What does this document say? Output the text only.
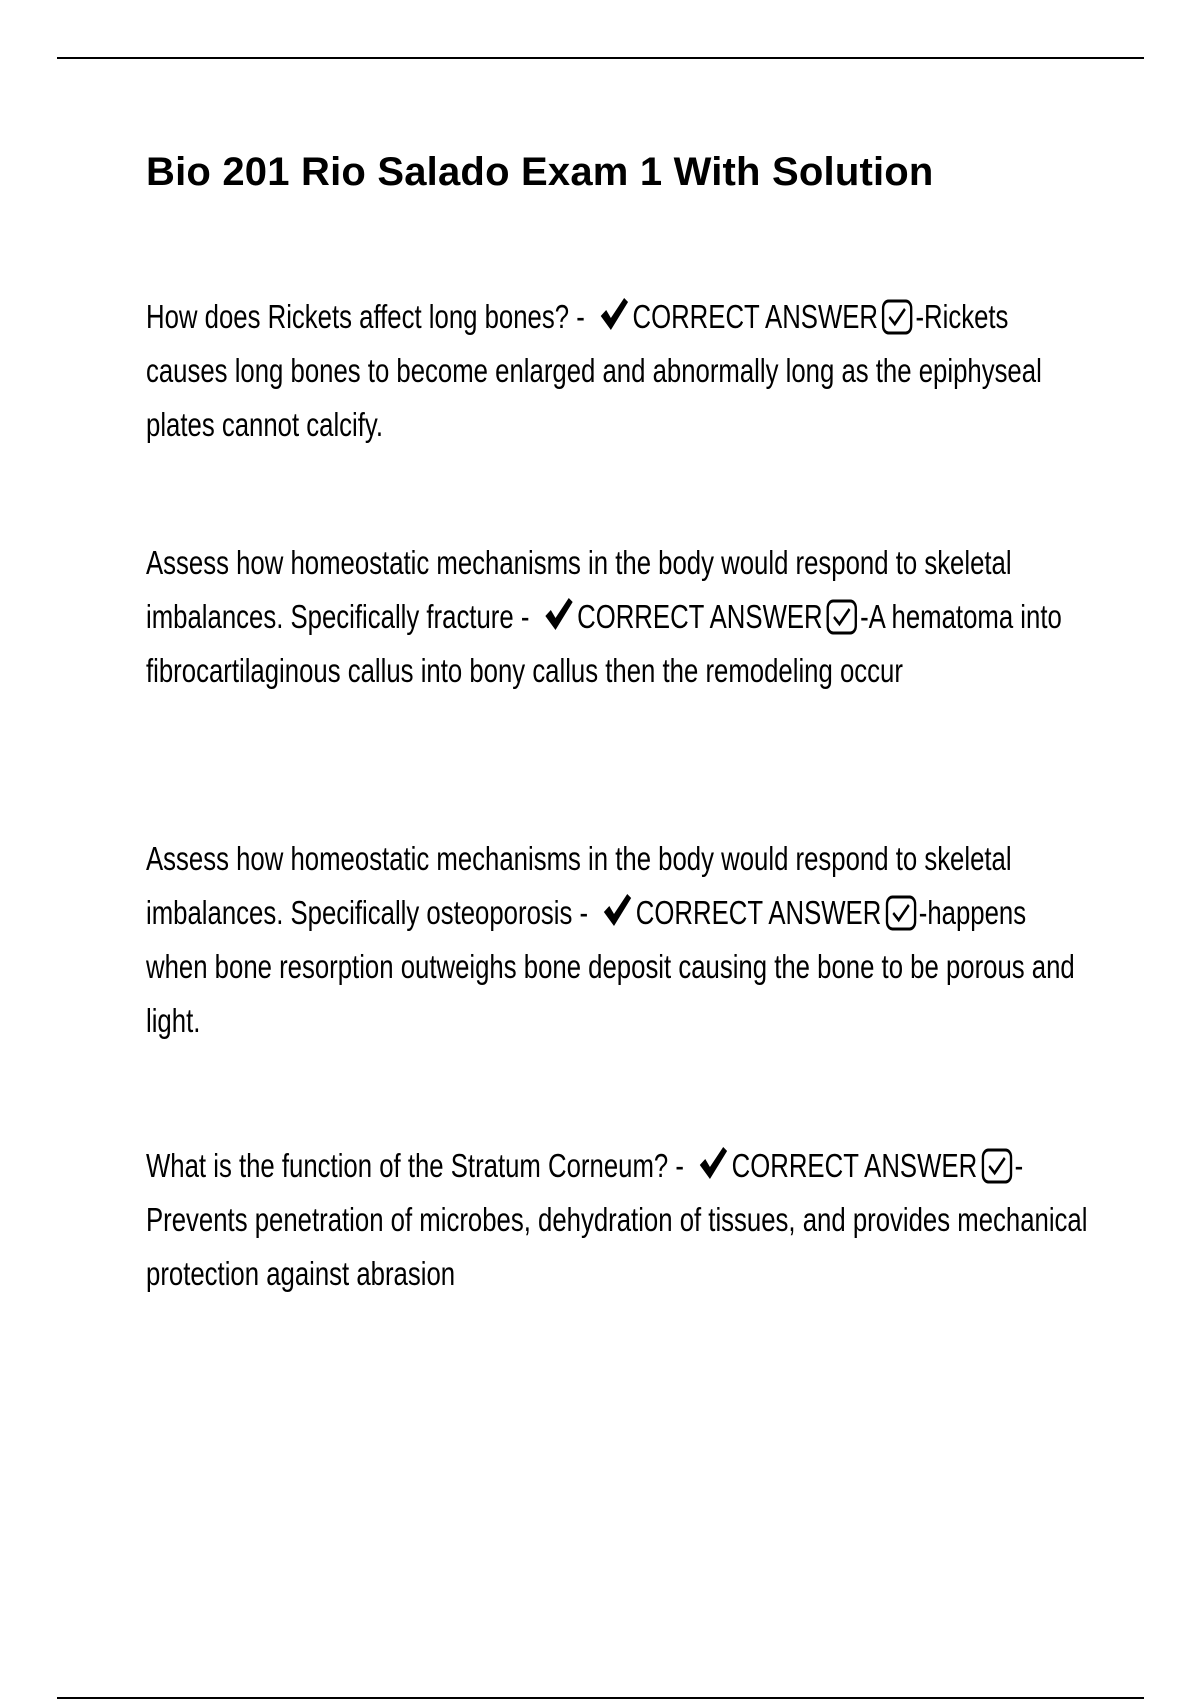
Bio 201 Rio Salado Exam 1 With Solution
How does Rickets affect long bones? - CORRECT ANSWER -Rickets causes long bones to become enlarged and abnormally long as the epiphyseal plates cannot calcify.
Assess how homeostatic mechanisms in the body would respond to skeletal imbalances. Specifically fracture - CORRECT ANSWER -A hematoma into fibrocartilaginous callus into bony callus then the remodeling occur
Assess how homeostatic mechanisms in the body would respond to skeletal imbalances. Specifically osteoporosis - CORRECT ANSWER -happens when bone resorption outweighs bone deposit causing the bone to be porous and light.
What is the function of the Stratum Corneum? - CORRECT ANSWER -Prevents penetration of microbes, dehydration of tissues, and provides mechanical protection against abrasion
